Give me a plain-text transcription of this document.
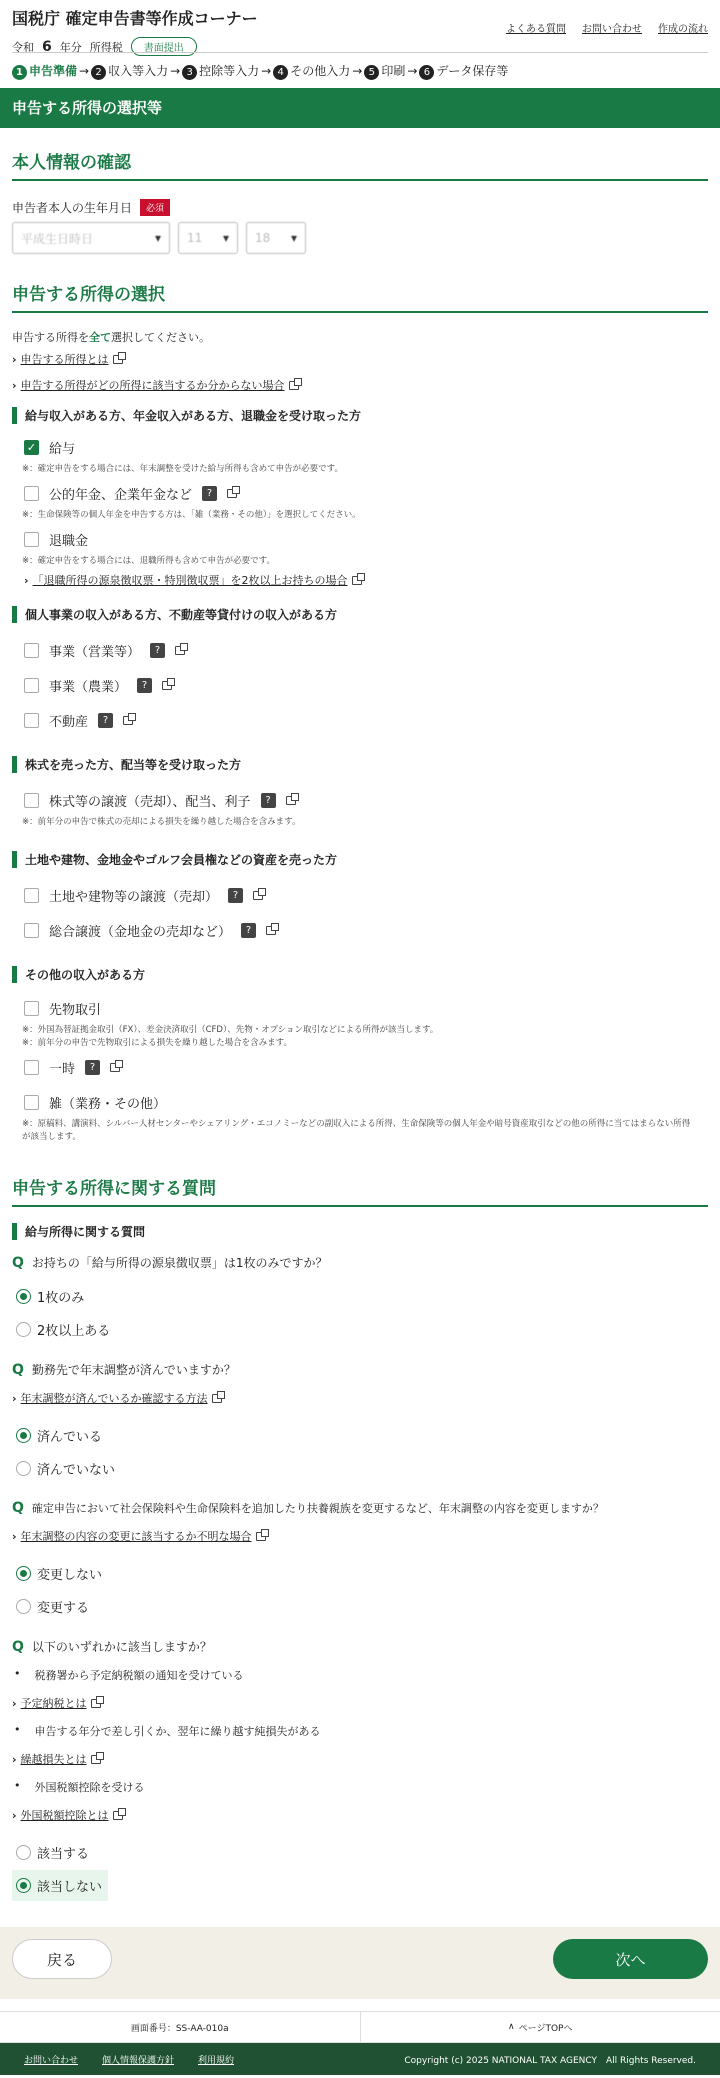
国税庁 確定申告書等作成コーナー
令和 6 年分 所得税	書面提出
よくある質問 お問い合わせ 作成の流れ
1 申告準備 → 2 収入等入力 → 3 控除等入力 → 4 その他入力 → 5 印刷 → 6 データ保存等
申告する所得の選択等
本人情報の確認
申告者本人の生年月日	必須
平成生日時日	▾ 11 ▾ 18 ▾
申告する所得の選択
申告する所得を全て選択してください。
› 申告する所得とは
› 申告する所得がどの所得に該当するか分からない場合
給与収入がある方、年金収入がある方、退職金を受け取った方
✓ 給与
※：確定申告をする場合には、年末調整を受けた給与所得も含めて申告が必要です。
公的年金、企業年金など	?
※：生命保険等の個人年金を申告する方は、「雑（業務・その他）」を選択してください。
退職金
※：確定申告をする場合には、退職所得も含めて申告が必要です。
› 「退職所得の源泉徴収票・特別徴収票」を2枚以上お持ちの場合
個人事業の収入がある方、不動産等貸付けの収入がある方
事業（営業等）	?
事業（農業）	?
不動産	?
株式を売った方、配当等を受け取った方
株式等の譲渡（売却）、配当、利子	?
※：前年分の申告で株式の売却による損失を繰り越した場合を含みます。
土地や建物、金地金やゴルフ会員権などの資産を売った方
土地や建物等の譲渡（売却）	?
総合譲渡（金地金の売却など）	?
その他の収入がある方
先物取引
※：外国為替証拠金取引（FX）、差金決済取引（CFD）、先物・オプション取引などによる所得が該当します。
※：前年分の申告で先物取引による損失を繰り越した場合を含みます。
一時	?
雑（業務・その他）
※：原稿料、講演料、シルバー人材センターやシェアリング・エコノミーなどの副収入による所得、生命保険等の個人年金や暗号資産取引などの他の所得に当てはまらない所得が該当します。
申告する所得に関する質問
給与所得に関する質問
Q お持ちの「給与所得の源泉徴収票」は1枚のみですか？
1枚のみ
2枚以上ある
Q 勤務先で年末調整が済んでいますか？
› 年末調整が済んでいるか確認する方法
済んでいる
済んでいない
Q 確定申告において社会保険料や生命保険料を追加したり扶養親族を変更するなど、年末調整の内容を変更しますか？
› 年末調整の内容の変更に該当するか不明な場合
変更しない
変更する
Q 以下のいずれかに該当しますか？
• 税務署から予定納税額の通知を受けている
› 予定納税とは
• 申告する年分で差し引くか、翌年に繰り越す純損失がある
› 繰越損失とは
• 外国税額控除を受ける
› 外国税額控除とは
該当する
該当しない
戻る	次へ
画面番号：SS-AA-010a	∧ ページTOPへ
お問い合わせ	個人情報保護方針	利用規約	Copyright (c) 2025 NATIONAL TAX AGENCY　All Rights Reserved.
